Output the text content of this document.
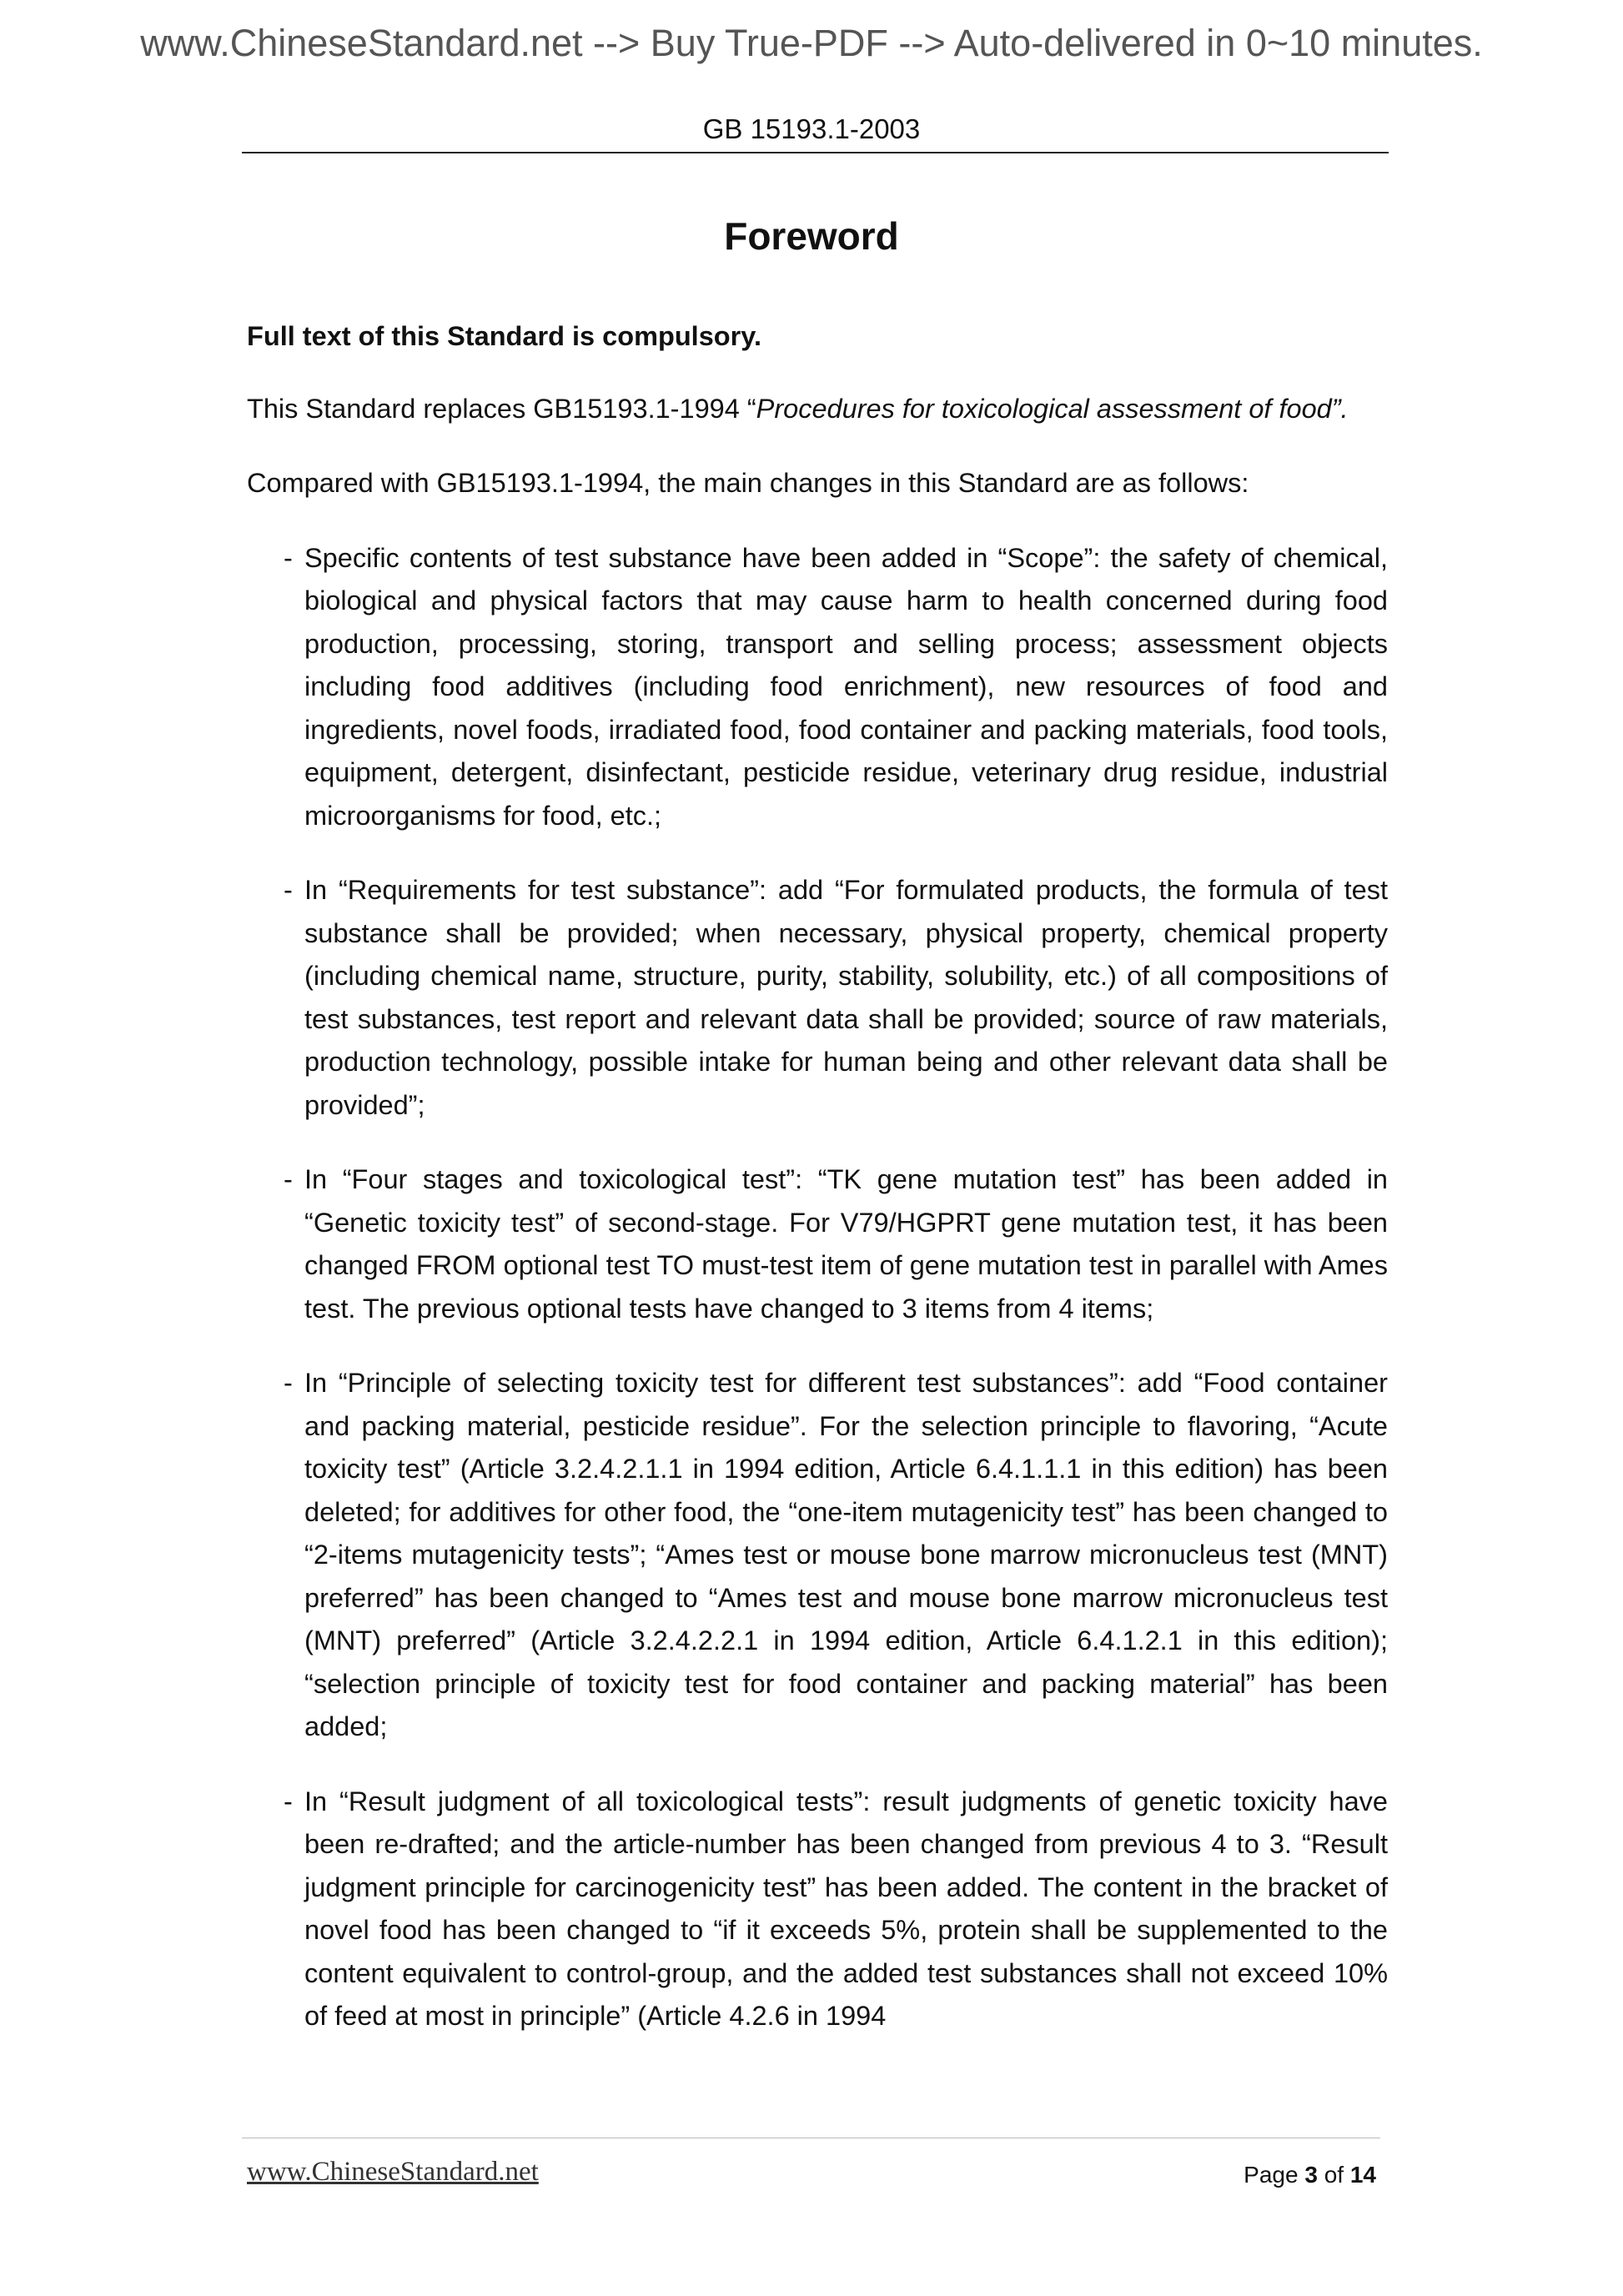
www.ChineseStandard.net --> Buy True-PDF --> Auto-delivered in 0~10 minutes.
GB 15193.1-2003
Foreword

Full text of this Standard is compulsory.

This Standard replaces GB15193.1-1994 “Procedures for toxicological assessment of food”.

Compared with GB15193.1-1994, the main changes in this Standard are as follows:

- Specific contents of test substance have been added in “Scope”: the safety of chemical, biological and physical factors that may cause harm to health concerned during food production, processing, storing, transport and selling process; assessment objects including food additives (including food enrichment), new resources of food and ingredients, novel foods, irradiated food, food container and packing materials, food tools, equipment, detergent, disinfectant, pesticide residue, veterinary drug residue, industrial microorganisms for food, etc.;

- In “Requirements for test substance”: add “For formulated products, the formula of test substance shall be provided; when necessary, physical property, chemical property (including chemical name, structure, purity, stability, solubility, etc.) of all compositions of test substances, test report and relevant data shall be provided; source of raw materials, production technology, possible intake for human being and other relevant data shall be provided”;

- In “Four stages and toxicological test”: “TK gene mutation test” has been added in “Genetic toxicity test” of second-stage. For V79/HGPRT gene mutation test, it has been changed FROM optional test TO must-test item of gene mutation test in parallel with Ames test. The previous optional tests have changed to 3 items from 4 items;

- In “Principle of selecting toxicity test for different test substances”: add “Food container and packing material, pesticide residue”. For the selection principle to flavoring, “Acute toxicity test” (Article 3.2.4.2.1.1 in 1994 edition, Article 6.4.1.1.1 in this edition) has been deleted; for additives for other food, the “one-item mutagenicity test” has been changed to “2-items mutagenicity tests”; “Ames test or mouse bone marrow micronucleus test (MNT) preferred” has been changed to “Ames test and mouse bone marrow micronucleus test (MNT) preferred” (Article 3.2.4.2.2.1 in 1994 edition, Article 6.4.1.2.1 in this edition); “selection principle of toxicity test for food container and packing material” has been added;

- In “Result judgment of all toxicological tests”: result judgments of genetic toxicity have been re-drafted; and the article-number has been changed from previous 4 to 3. “Result judgment principle for carcinogenicity test” has been added. The content in the bracket of novel food has been changed to “if it exceeds 5%, protein shall be supplemented to the content equivalent to control-group, and the added test substances shall not exceed 10% of feed at most in principle” (Article 4.2.6 in 1994

www.ChineseStandard.net	Page 3 of 14
